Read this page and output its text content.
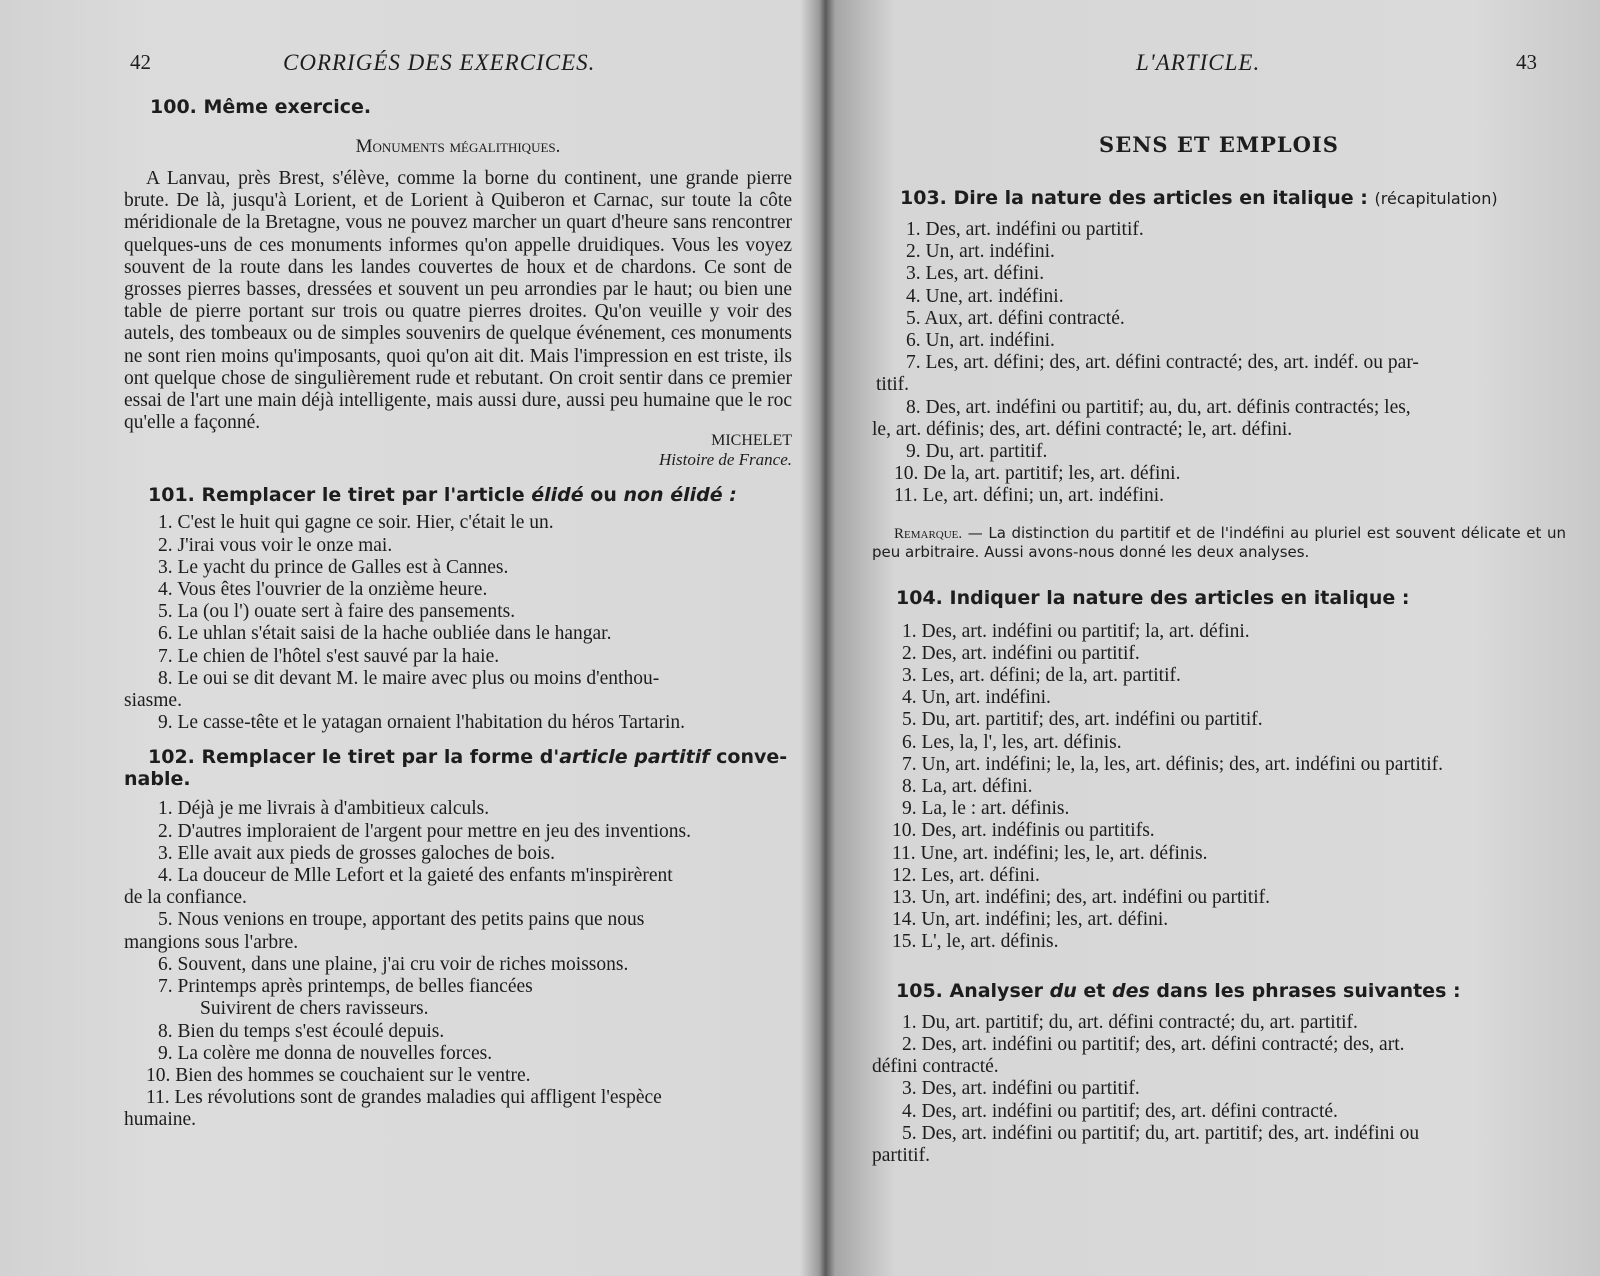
42	CORRIGÉS DES EXERCICES.

100. Même exercice.

Monuments mégalithiques.

A Lanvau, près Brest, s'élève, comme la borne du continent, une grande pierre brute. De là, jusqu'à Lorient, et de Lorient à Quiberon et Carnac, sur toute la côte méridionale de la Bretagne, vous ne pouvez marcher un quart d'heure sans rencontrer quelques-uns de ces monuments informes qu'on appelle druidiques. Vous les voyez souvent de la route dans les landes couvertes de houx et de chardons. Ce sont de grosses pierres basses, dressées et souvent un peu arrondies par le haut; ou bien une table de pierre portant sur trois ou quatre pierres droites. Qu'on veuille y voir des autels, des tombeaux ou de simples souvenirs de quelque événement, ces monuments ne sont rien moins qu'imposants, quoi qu'on ait dit. Mais l'impression en est triste, ils ont quelque chose de singulièrement rude et rebutant. On croit sentir dans ce premier essai de l'art une main déjà intelligente, mais aussi dure, aussi peu humaine que le roc qu'elle a façonné.

MICHELET

Histoire de France.

101. Remplacer le tiret par l'article élidé ou non élidé :

1. C'est le huit qui gagne ce soir. Hier, c'était le un.
2. J'irai vous voir le onze mai.
3. Le yacht du prince de Galles est à Cannes.
4. Vous êtes l'ouvrier de la onzième heure.
5. La (ou l') ouate sert à faire des pansements.
6. Le uhlan s'était saisi de la hache oubliée dans le hangar.
7. Le chien de l'hôtel s'est sauvé par la haie.
8. Le oui se dit devant M. le maire avec plus ou moins d'enthou-
siasme.
9. Le casse-tête et le yatagan ornaient l'habitation du héros Tartarin.

102. Remplacer le tiret par la forme d'article partitif conve-

nable.

1. Déjà je me livrais à d'ambitieux calculs.
2. D'autres imploraient de l'argent pour mettre en jeu des inventions.
3. Elle avait aux pieds de grosses galoches de bois.
4. La douceur de Mlle Lefort et la gaieté des enfants m'inspirèrent
de la confiance.
5. Nous venions en troupe, apportant des petits pains que nous
mangions sous l'arbre.
6. Souvent, dans une plaine, j'ai cru voir de riches moissons.
7. Printemps après printemps, de belles fiancées
Suivirent de chers ravisseurs.
8. Bien du temps s'est écoulé depuis.
9. La colère me donna de nouvelles forces.
10. Bien des hommes se couchaient sur le ventre.
11. Les révolutions sont de grandes maladies qui affligent l'espèce
humaine.
L'ARTICLE.	43

SENS ET EMPLOIS

103. Dire la nature des articles en italique : (récapitulation)

1. Des, art. indéfini ou partitif.
2. Un, art. indéfini.
3. Les, art. défini.
4. Une, art. indéfini.
5. Aux, art. défini contracté.
6. Un, art. indéfini.
7. Les, art. défini; des, art. défini contracté; des, art. indéf. ou par-
titif.
8. Des, art. indéfini ou partitif; au, du, art. définis contractés; les,
le, art. définis; des, art. défini contracté; le, art. défini.
9. Du, art. partitif.
10. De la, art. partitif; les, art. défini.
11. Le, art. défini; un, art. indéfini.

Remarque. — La distinction du partitif et de l'indéfini au pluriel est souvent délicate et un peu arbitraire. Aussi avons-nous donné les deux analyses.

104. Indiquer la nature des articles en italique :

1. Des, art. indéfini ou partitif; la, art. défini.
2. Des, art. indéfini ou partitif.
3. Les, art. défini; de la, art. partitif.
4. Un, art. indéfini.
5. Du, art. partitif; des, art. indéfini ou partitif.
6. Les, la, l', les, art. définis.
7. Un, art. indéfini; le, la, les, art. définis; des, art. indéfini ou partitif.
8. La, art. défini.
9. La, le : art. définis.
10. Des, art. indéfinis ou partitifs.
11. Une, art. indéfini; les, le, art. définis.
12. Les, art. défini.
13. Un, art. indéfini; des, art. indéfini ou partitif.
14. Un, art. indéfini; les, art. défini.
15. L', le, art. définis.

105. Analyser du et des dans les phrases suivantes :

1. Du, art. partitif; du, art. défini contracté; du, art. partitif.
2. Des, art. indéfini ou partitif; des, art. défini contracté; des, art.
défini contracté.
3. Des, art. indéfini ou partitif.
4. Des, art. indéfini ou partitif; des, art. défini contracté.
5. Des, art. indéfini ou partitif; du, art. partitif; des, art. indéfini ou
partitif.
